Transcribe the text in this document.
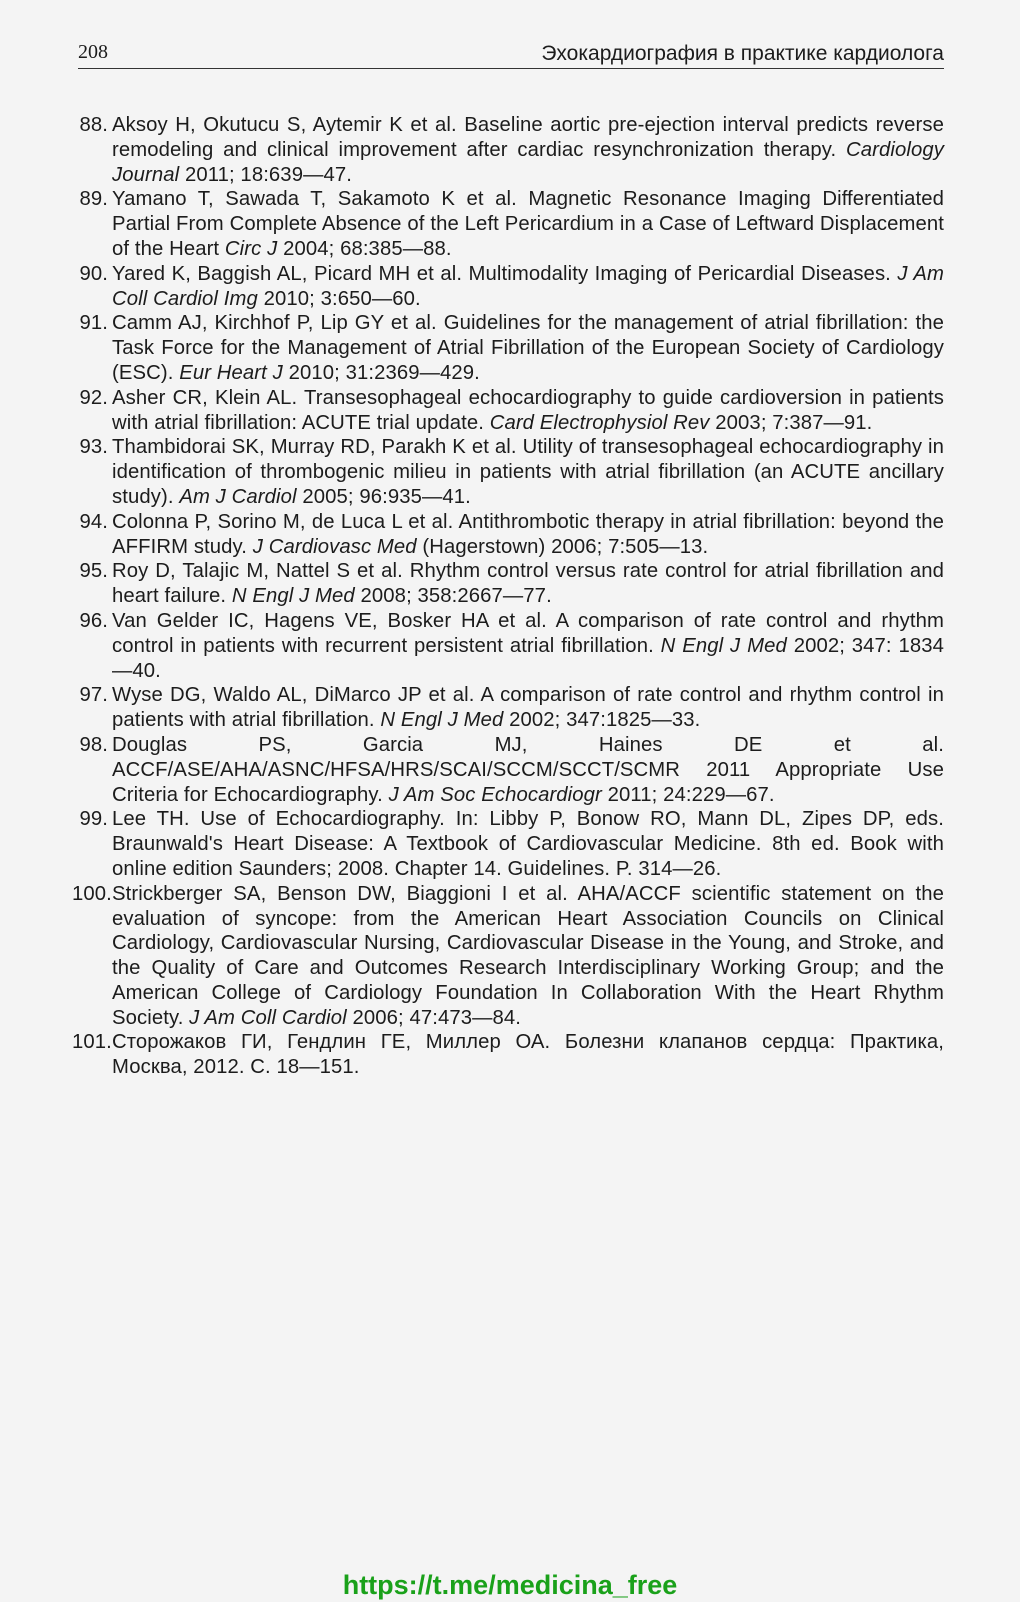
208	Эхокардиография в практике кардиолога
88. Aksoy H, Okutucu S, Aytemir K et al. Baseline aortic pre-ejection interval predicts reverse remodeling and clinical improvement after cardiac resynchronization therapy. Cardiology Journal 2011; 18:639—47.
89. Yamano T, Sawada T, Sakamoto K et al. Magnetic Resonance Imaging Differentiated Partial From Complete Absence of the Left Pericardium in a Case of Leftward Displacement of the Heart Circ J 2004; 68:385—88.
90. Yared K, Baggish AL, Picard MH et al. Multimodality Imaging of Pericardial Diseases. J Am Coll Cardiol Img 2010; 3:650—60.
91. Camm AJ, Kirchhof P, Lip GY et al. Guidelines for the management of atrial fibrillation: the Task Force for the Management of Atrial Fibrillation of the European Society of Cardiology (ESC). Eur Heart J 2010; 31:2369—429.
92. Asher CR, Klein AL. Transesophageal echocardiography to guide cardioversion in patients with atrial fibrillation: ACUTE trial update. Card Electrophysiol Rev 2003; 7:387—91.
93. Thambidorai SK, Murray RD, Parakh K et al. Utility of transesophageal echocardiography in identification of thrombogenic milieu in patients with atrial fibrillation (an ACUTE ancillary study). Am J Cardiol 2005; 96:935—41.
94. Colonna P, Sorino M, de Luca L et al. Antithrombotic therapy in atrial fibrillation: beyond the AFFIRM study. J Cardiovasc Med (Hagerstown) 2006; 7:505—13.
95. Roy D, Talajic M, Nattel S et al. Rhythm control versus rate control for atrial fibrillation and heart failure. N Engl J Med 2008; 358:2667—77.
96. Van Gelder IC, Hagens VE, Bosker HA et al. A comparison of rate control and rhythm control in patients with recurrent persistent atrial fibrillation. N Engl J Med 2002; 347: 1834—40.
97. Wyse DG, Waldo AL, DiMarco JP et al. A comparison of rate control and rhythm control in patients with atrial fibrillation. N Engl J Med 2002; 347:1825—33.
98. Douglas PS, Garcia MJ, Haines DE et al. ACCF/ASE/AHA/ASNC/HFSA/HRS/SCAI/SCCM/SCCT/SCMR 2011 Appropriate Use Criteria for Echocardiography. J Am Soc Echocardiogr 2011; 24:229—67.
99. Lee TH. Use of Echocardiography. In: Libby P, Bonow RO, Mann DL, Zipes DP, eds. Braunwald's Heart Disease: A Textbook of Cardiovascular Medicine. 8th ed. Book with online edition Saunders; 2008. Chapter 14. Guidelines. P. 314—26.
100. Strickberger SA, Benson DW, Biaggioni I et al. AHA/ACCF scientific statement on the evaluation of syncope: from the American Heart Association Councils on Clinical Cardiology, Cardiovascular Nursing, Cardiovascular Disease in the Young, and Stroke, and the Quality of Care and Outcomes Research Interdisciplinary Working Group; and the American College of Cardiology Foundation In Collaboration With the Heart Rhythm Society. J Am Coll Cardiol 2006; 47:473—84.
101. Сторожаков ГИ, Гендлин ГЕ, Миллер ОА. Болезни клапанов сердца: Практика, Москва, 2012. С. 18—151.
https://t.me/medicina_free
